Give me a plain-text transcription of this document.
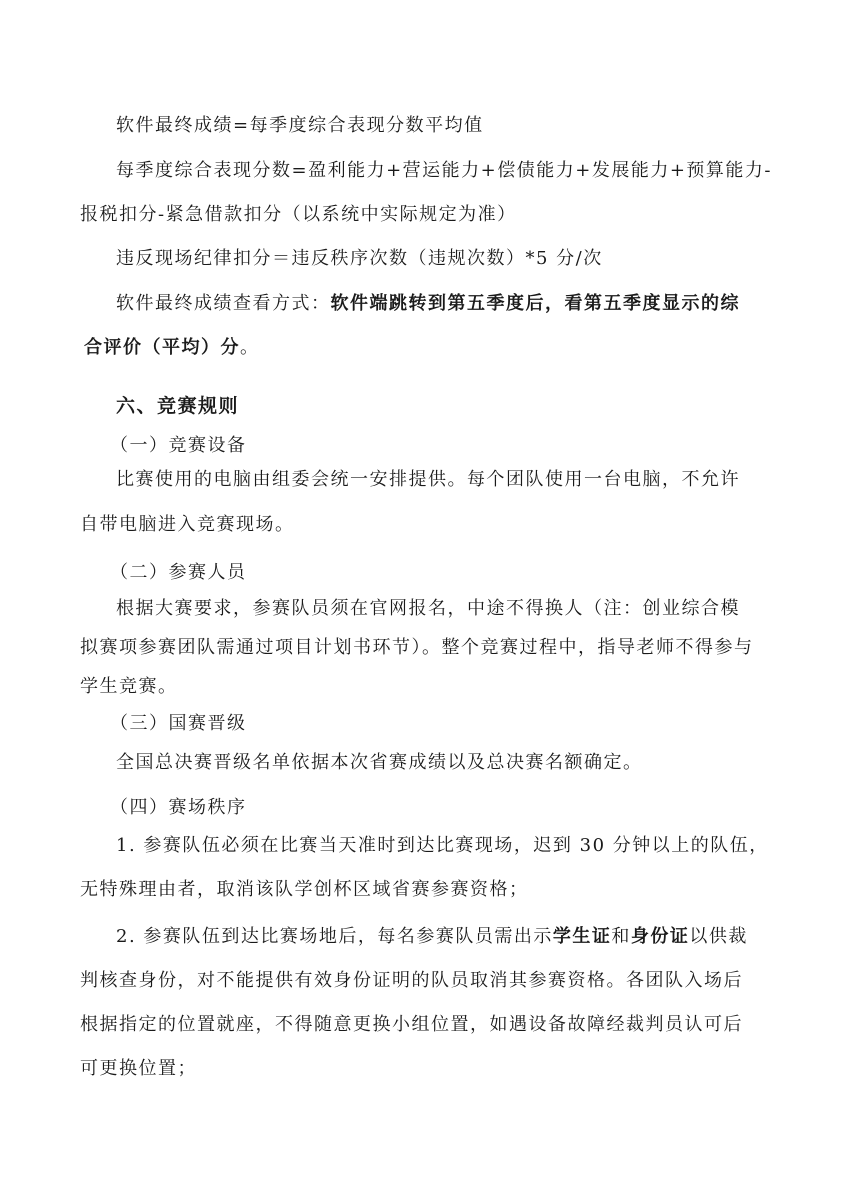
软件最终成绩=每季度综合表现分数平均值
每季度综合表现分数=盈利能力+营运能力+偿债能力+发展能力+预算能力-
报税扣分-紧急借款扣分（以系统中实际规定为准）
违反现场纪律扣分＝违反秩序次数（违规次数）*5 分/次
软件最终成绩查看方式：软件端跳转到第五季度后，看第五季度显示的综
合评价（平均）分。
六、竞赛规则
（一）竞赛设备
比赛使用的电脑由组委会统一安排提供。每个团队使用一台电脑，不允许
自带电脑进入竞赛现场。
（二）参赛人员
根据大赛要求，参赛队员须在官网报名，中途不得换人（注：创业综合模
拟赛项参赛团队需通过项目计划书环节）。整个竞赛过程中，指导老师不得参与
学生竞赛。
（三）国赛晋级
全国总决赛晋级名单依据本次省赛成绩以及总决赛名额确定。
（四）赛场秩序
1. 参赛队伍必须在比赛当天准时到达比赛现场，迟到 30 分钟以上的队伍，
无特殊理由者，取消该队学创杯区域省赛参赛资格；
2. 参赛队伍到达比赛场地后，每名参赛队员需出示学生证和身份证以供裁
判核查身份，对不能提供有效身份证明的队员取消其参赛资格。各团队入场后
根据指定的位置就座，不得随意更换小组位置，如遇设备故障经裁判员认可后
可更换位置；
